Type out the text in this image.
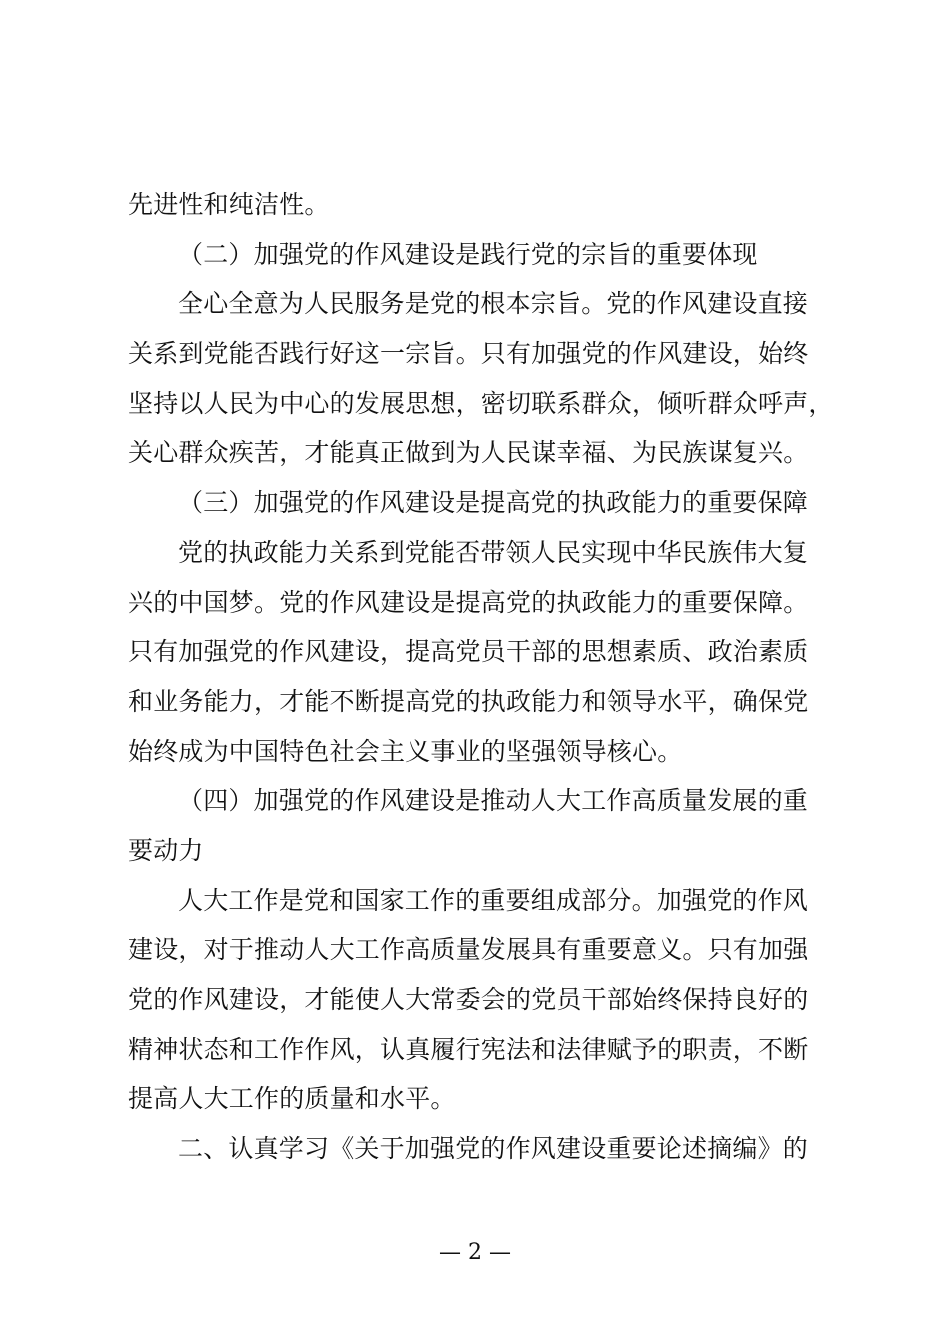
先进性和纯洁性。
（二）加强党的作风建设是践行党的宗旨的重要体现
全心全意为人民服务是党的根本宗旨。党的作风建设直接
关系到党能否践行好这一宗旨。只有加强党的作风建设，始终
坚持以人民为中心的发展思想，密切联系群众，倾听群众呼声，
关心群众疾苦，才能真正做到为人民谋幸福、为民族谋复兴。
（三）加强党的作风建设是提高党的执政能力的重要保障
党的执政能力关系到党能否带领人民实现中华民族伟大复
兴的中国梦。党的作风建设是提高党的执政能力的重要保障。
只有加强党的作风建设，提高党员干部的思想素质、政治素质
和业务能力，才能不断提高党的执政能力和领导水平，确保党
始终成为中国特色社会主义事业的坚强领导核心。
（四）加强党的作风建设是推动人大工作高质量发展的重
要动力
人大工作是党和国家工作的重要组成部分。加强党的作风
建设，对于推动人大工作高质量发展具有重要意义。只有加强
党的作风建设，才能使人大常委会的党员干部始终保持良好的
精神状态和工作作风，认真履行宪法和法律赋予的职责，不断
提高人大工作的质量和水平。
二、认真学习《关于加强党的作风建设重要论述摘编》的
— 2 —
